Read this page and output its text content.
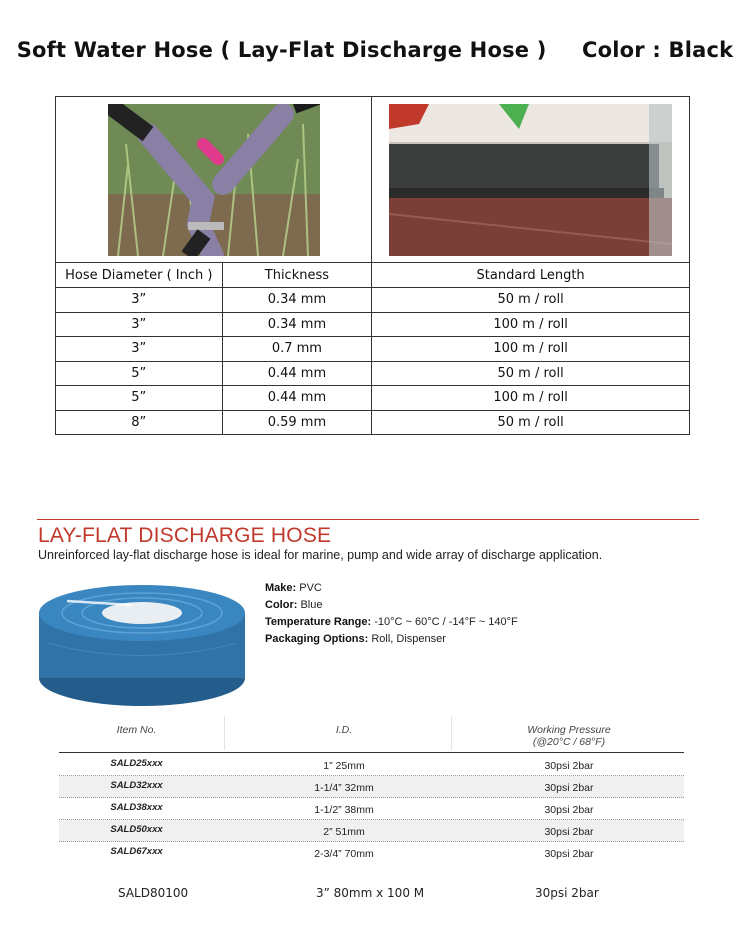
Soft Water Hose ( Lay-Flat Discharge Hose ) Color : Black

Hose Diameter ( Inch )	Thickness	Standard Length
3”	0.34 mm	50 m / roll
3”	0.34 mm	100 m / roll
3”	0.7 mm	100 m / roll
5”	0.44 mm	50 m / roll
5”	0.44 mm	100 m / roll
8”	0.59 mm	50 m / roll
LAY-FLAT DISCHARGE HOSE
Unreinforced lay-flat discharge hose is ideal for marine, pump and wide array of discharge application.
Make: PVC
Color: Blue
Temperature Range: -10°C ~ 60°C / -14°F ~ 140°F
Packaging Options: Roll, Dispenser
Item No.	I.D.	Working Pressure
(@20°C / 68°F)
SALD25xxx	1” 25mm	30psi 2bar
SALD32xxx	1-1/4” 32mm	30psi 2bar
SALD38xxx	1-1/2” 38mm	30psi 2bar
SALD50xxx	2” 51mm	30psi 2bar
SALD67xxx	2-3/4” 70mm	30psi 2bar
SALD80100	3” 80mm x 100 M	30psi 2bar
